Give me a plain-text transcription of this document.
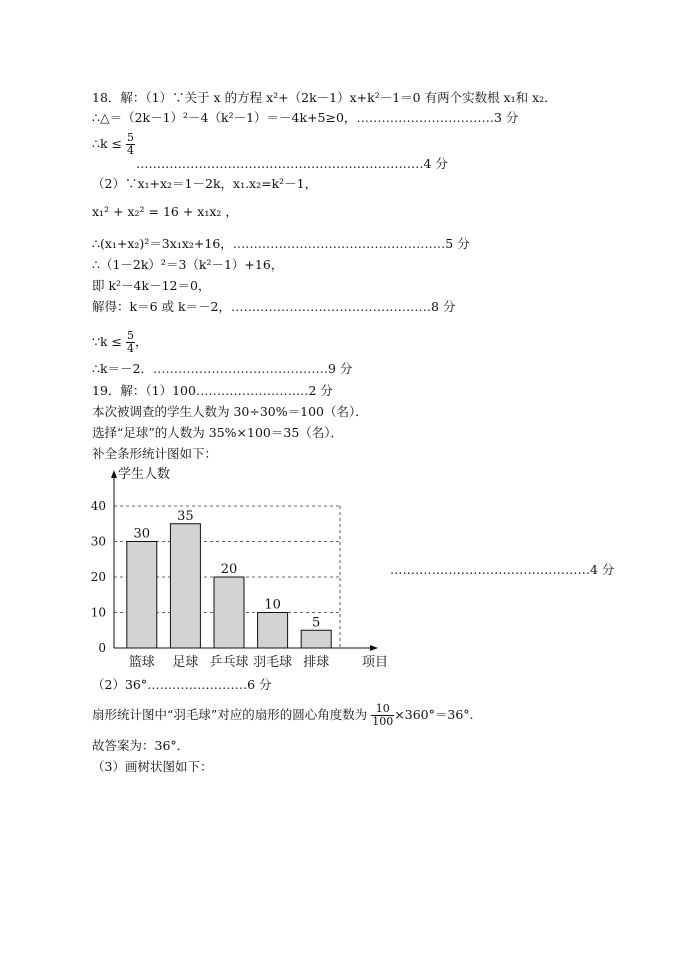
18．解：（1）∵关于 x 的方程 x²+（2k－1）x+k²－1＝0 有两个实数根 x₁和 x₂．
∴△＝（2k－1）²－4（k²－1）＝－4k+5≥0，……………………………3 分
∴k ≤ $\frac{5}{4}$
……………………………………………………………4 分
（2）∵x₁+x₂＝1－2k，x₁.x₂=k²－1，
x₁² + x₂² = 16 + x₁x₂ ，
∴(x₁+x₂)²＝3x₁x₂+16，……………………………………………5 分
∴（1－2k）²＝3（k²－1）+16，
即 k²－4k－12＝0，
解得：k＝6 或 k＝－2，…………………………………………8 分
∵k ≤ $\frac{5}{4}$ ，
∴k＝－2．……………………………………9 分
19．解：（1）100………………………2 分
本次被调查的学生人数为 30÷30%＝100（名）．
选择“足球”的人数为 35%×100＝35（名）．
补全条形统计图如下：
0
10
20
30
40
30
篮球
35
足球
20
乒乓球
10
羽毛球
5
排球
学生人数
项目
…………………………………………4 分
（2）36°……………………6 分
扇形统计图中“羽毛球”对应的扇形的圆心角度数为 $\frac{10}{100} \times 360^\circ=36^\circ$.
故答案为：36°．
（3）画树状图如下：
